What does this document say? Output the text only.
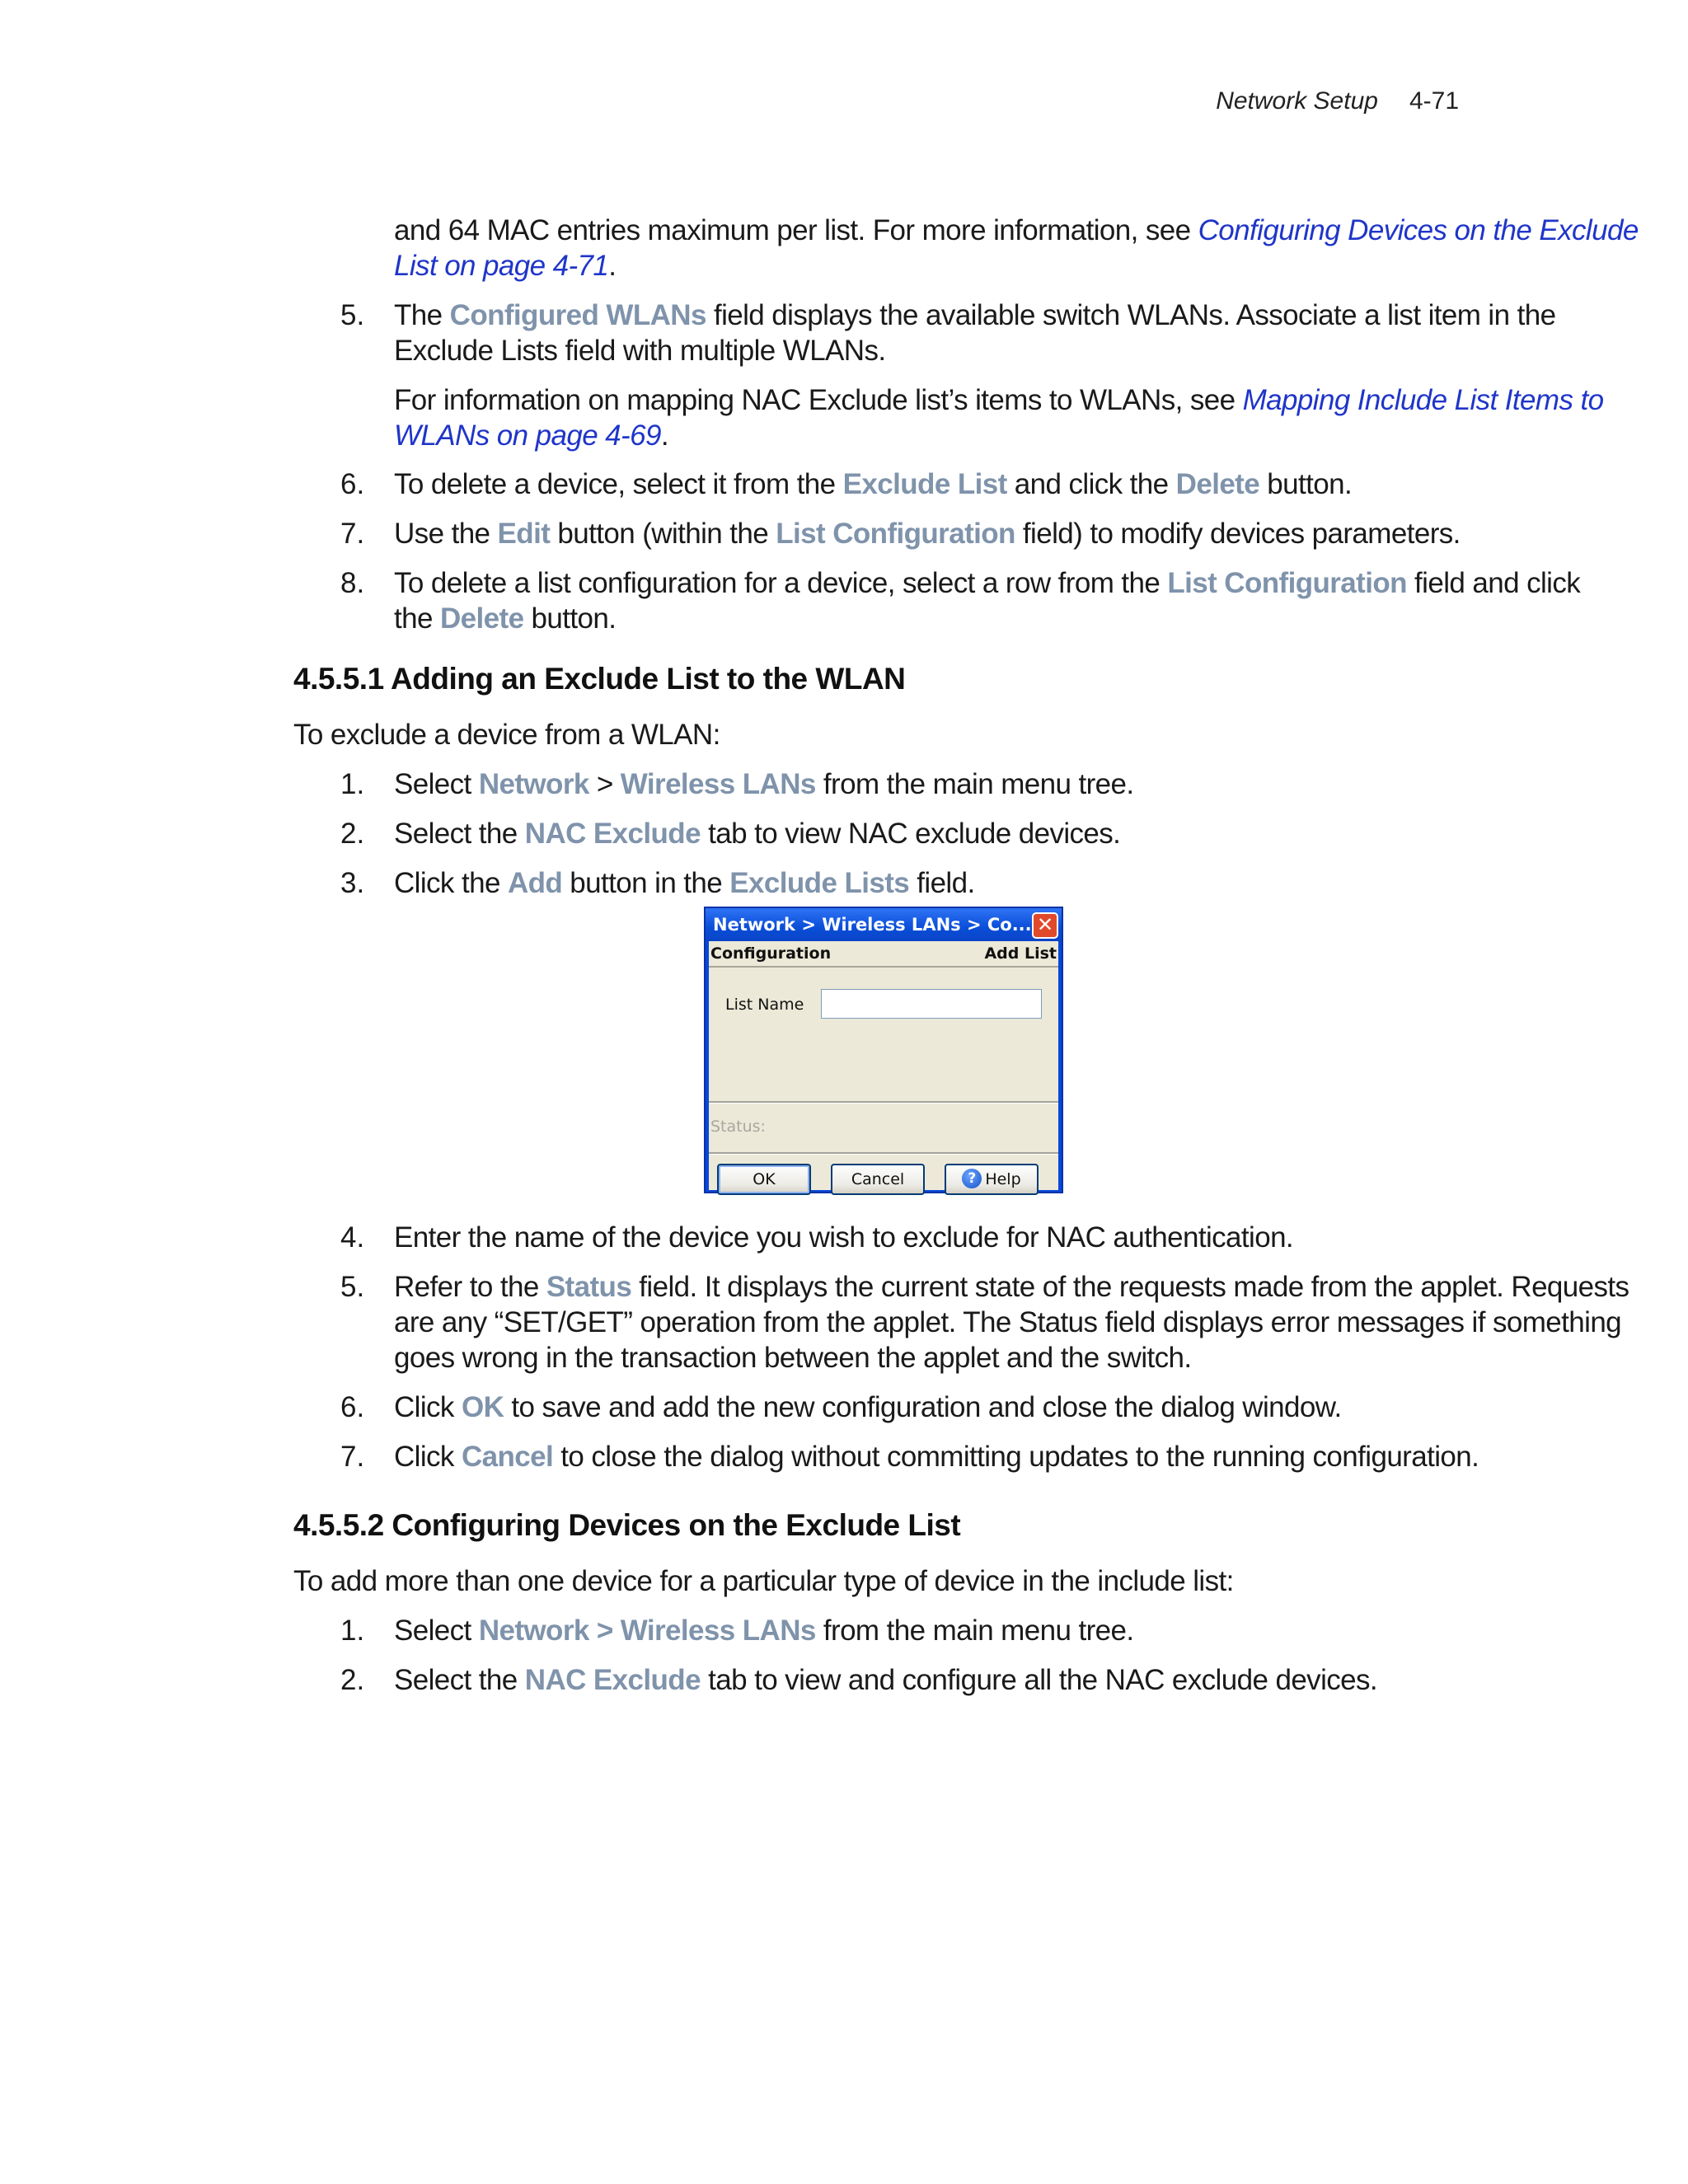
Network Setup 4-71
and 64 MAC entries maximum per list. For more information, see Configuring Devices on the Exclude
List on page 4-71.
5. The Configured WLANs field displays the available switch WLANs. Associate a list item in the
Exclude Lists field with multiple WLANs.
For information on mapping NAC Exclude list’s items to WLANs, see Mapping Include List Items to
WLANs on page 4-69.
6. To delete a device, select it from the Exclude List and click the Delete button.
7. Use the Edit button (within the List Configuration field) to modify devices parameters.
8. To delete a list configuration for a device, select a row from the List Configuration field and click
the Delete button.
4.5.5.1 Adding an Exclude List to the WLAN
To exclude a device from a WLAN:
1. Select Network > Wireless LANs from the main menu tree.
2. Select the NAC Exclude tab to view NAC exclude devices.
3. Click the Add button in the Exclude Lists field.
Network > Wireless LANs > Co... ✕
Configuration	Add List
List Name
Status:
OK	Cancel	? Help
4. Enter the name of the device you wish to exclude for NAC authentication.
5. Refer to the Status field. It displays the current state of the requests made from the applet. Requests
are any “SET/GET” operation from the applet. The Status field displays error messages if something
goes wrong in the transaction between the applet and the switch.
6. Click OK to save and add the new configuration and close the dialog window.
7. Click Cancel to close the dialog without committing updates to the running configuration.
4.5.5.2 Configuring Devices on the Exclude List
To add more than one device for a particular type of device in the include list:
1. Select Network > Wireless LANs from the main menu tree.
2. Select the NAC Exclude tab to view and configure all the NAC exclude devices.
